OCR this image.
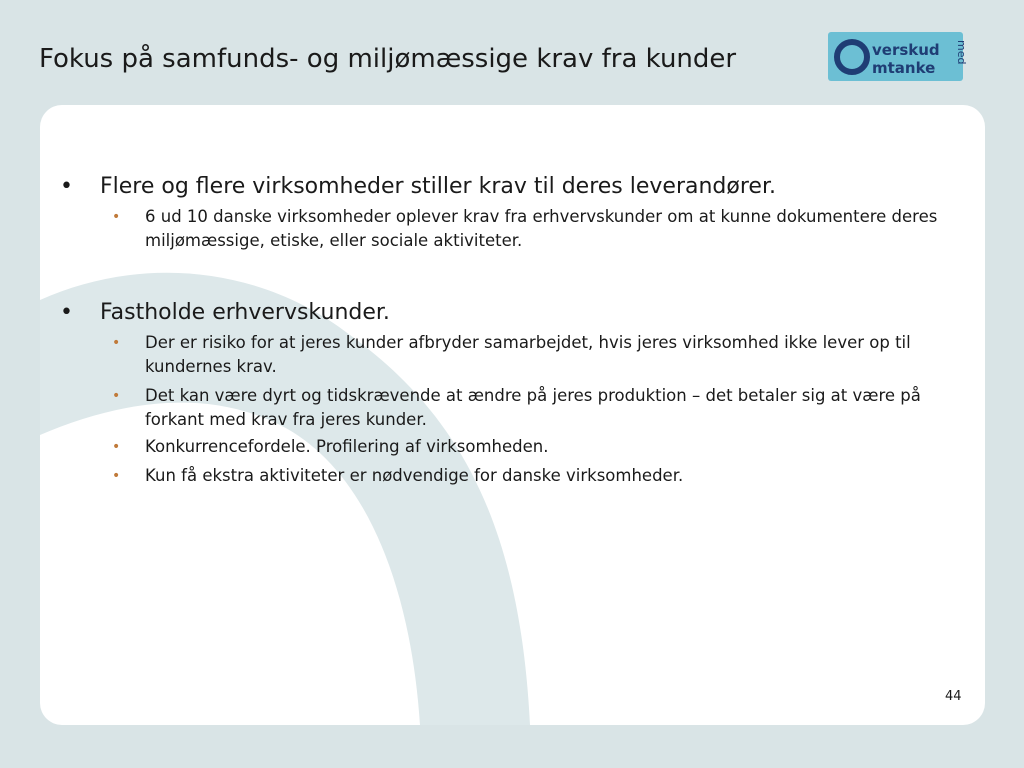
Fokus på samfunds- og miljømæssige krav fra kunder	verskud
mtanke
med
O
• Flere og flere virksomheder stiller krav til deres leverandører.
• 6 ud 10 danske virksomheder oplever krav fra erhvervskunder om at kunne dokumentere deres miljømæssige, etiske, eller sociale aktiviteter.
• Fastholde erhvervskunder.
• Der er risiko for at jeres kunder afbryder samarbejdet, hvis jeres virksomhed ikke lever op til kundernes krav.
• Det kan være dyrt og tidskrævende at ændre på jeres produktion – det betaler sig at være på forkant med krav fra jeres kunder.
• Konkurrencefordele. Profilering af virksomheden.
• Kun få ekstra aktiviteter er nødvendige for danske virksomheder.
44
